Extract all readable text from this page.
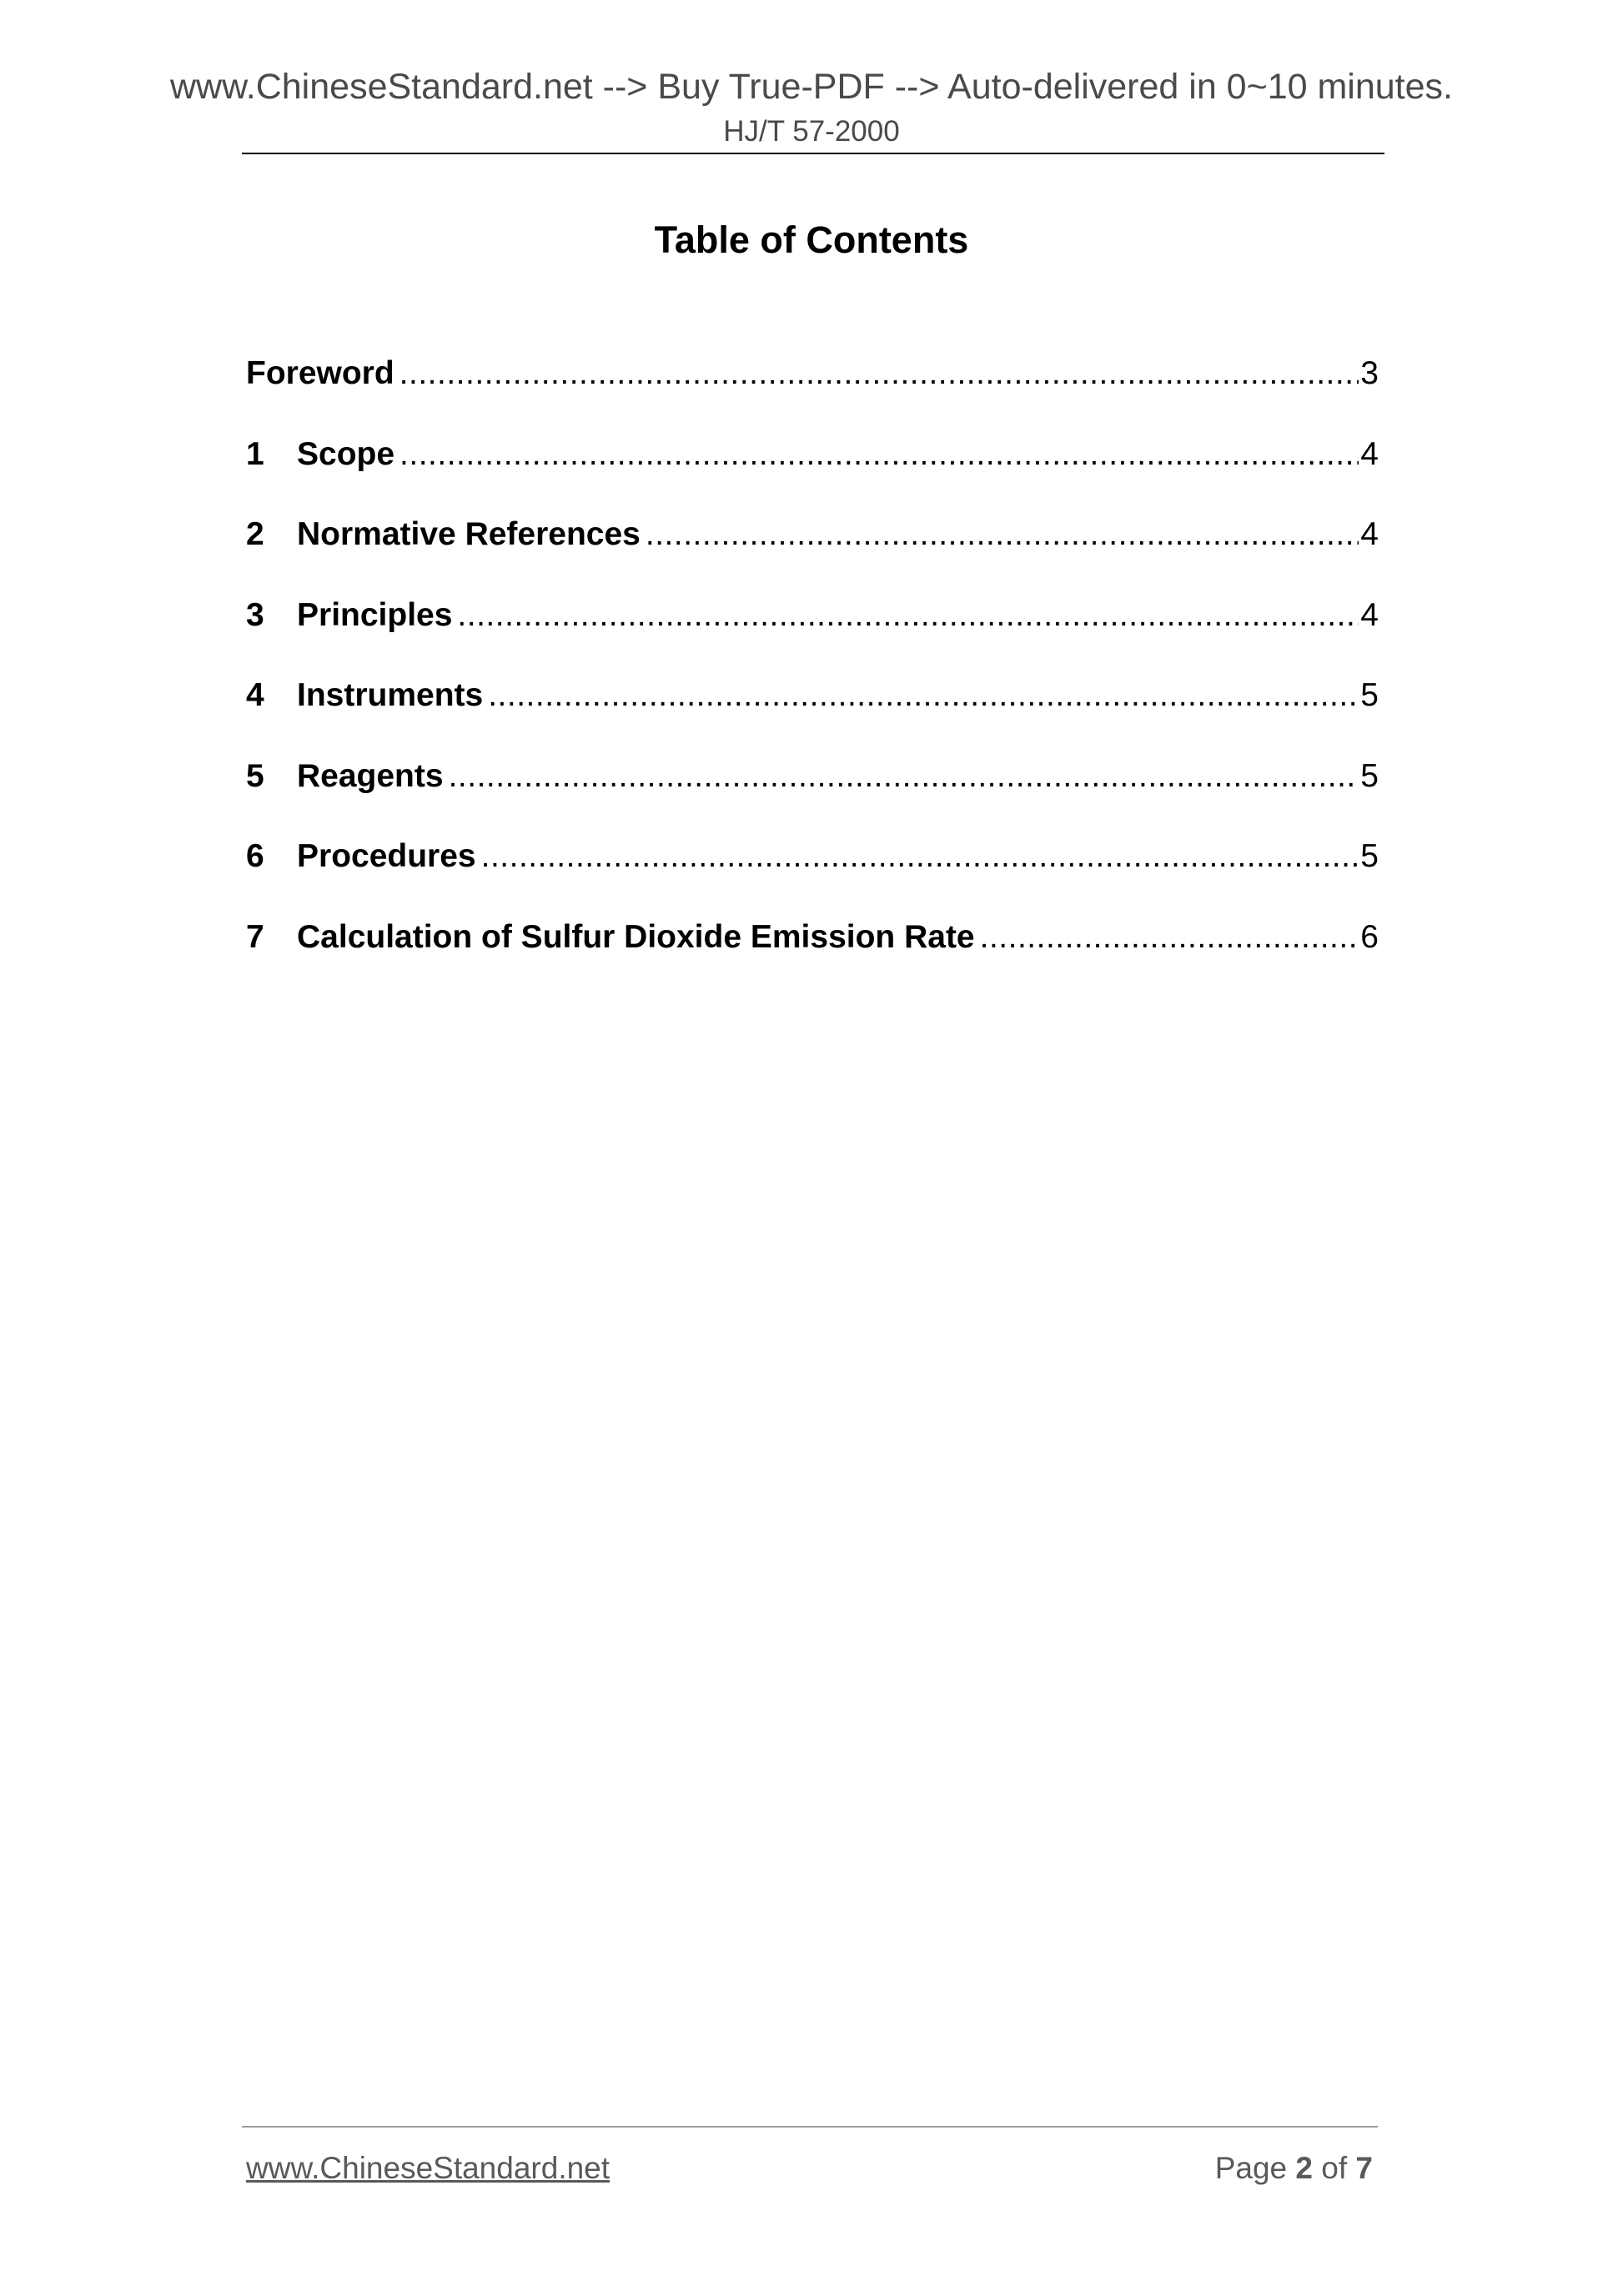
www.ChineseStandard.net --> Buy True-PDF --> Auto-delivered in 0~10 minutes.
HJ/T 57-2000
Table of Contents
Foreword .....	3
1	Scope .....	4
2	Normative References .....	4
3	Principles .....	4
4	Instruments .....	5
5	Reagents .....	5
6	Procedures .....	5
7	Calculation of Sulfur Dioxide Emission Rate .....	6
www.ChineseStandard.net	Page 2 of 7
